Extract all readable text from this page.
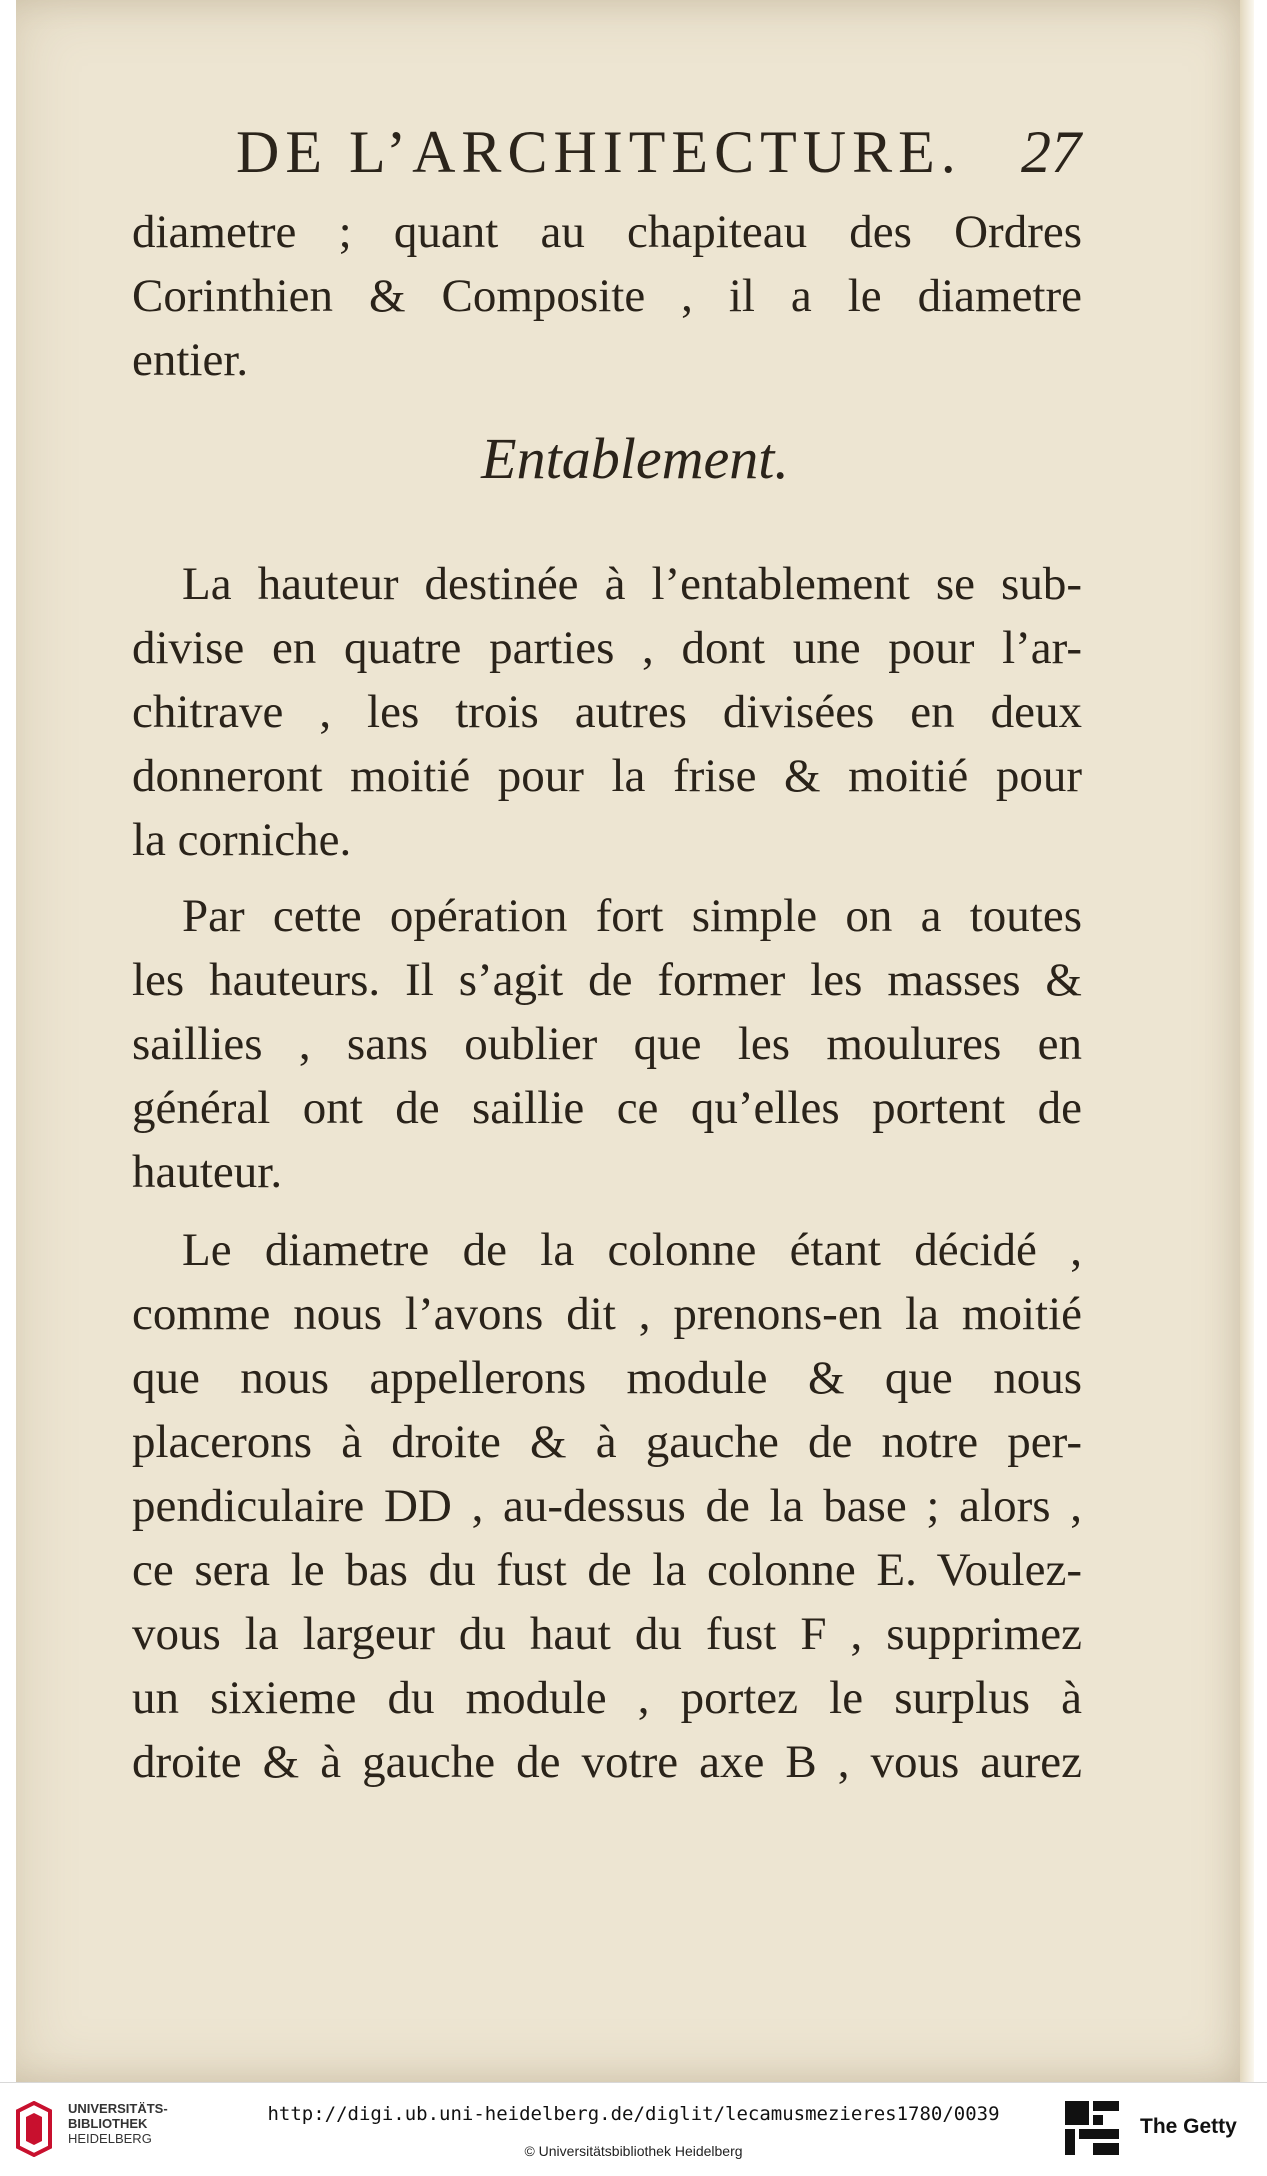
DE L’ARCHITECTURE. 27
diametre ; quant au chapiteau des Ordres
Corinthien & Composite , il a le diametre
entier.
Entablement.
La hauteur destinée à l’entablement se sub-
divise en quatre parties , dont une pour l’ar-
chitrave , les trois autres divisées en deux
donneront moitié pour la frise & moitié pour
la corniche.
Par cette opération fort simple on a toutes
les hauteurs. Il s’agit de former les masses &
saillies , sans oublier que les moulures en
général ont de saillie ce qu’elles portent de
hauteur.
Le diametre de la colonne étant décidé ,
comme nous l’avons dit , prenons-en la moitié
que nous appellerons module & que nous
placerons à droite & à gauche de notre per-
pendiculaire DD , au-dessus de la base ; alors ,
ce sera le bas du fust de la colonne E. Voulez-
vous la largeur du haut du fust F , supprimez
un sixieme du module , portez le surplus à
droite & à gauche de votre axe B , vous aurez
UNIVERSITÄTS-
BIBLIOTHEK
HEIDELBERG
http://digi.ub.uni-heidelberg.de/diglit/lecamusmezieres1780/0039
© Universitätsbibliothek Heidelberg
The Getty
